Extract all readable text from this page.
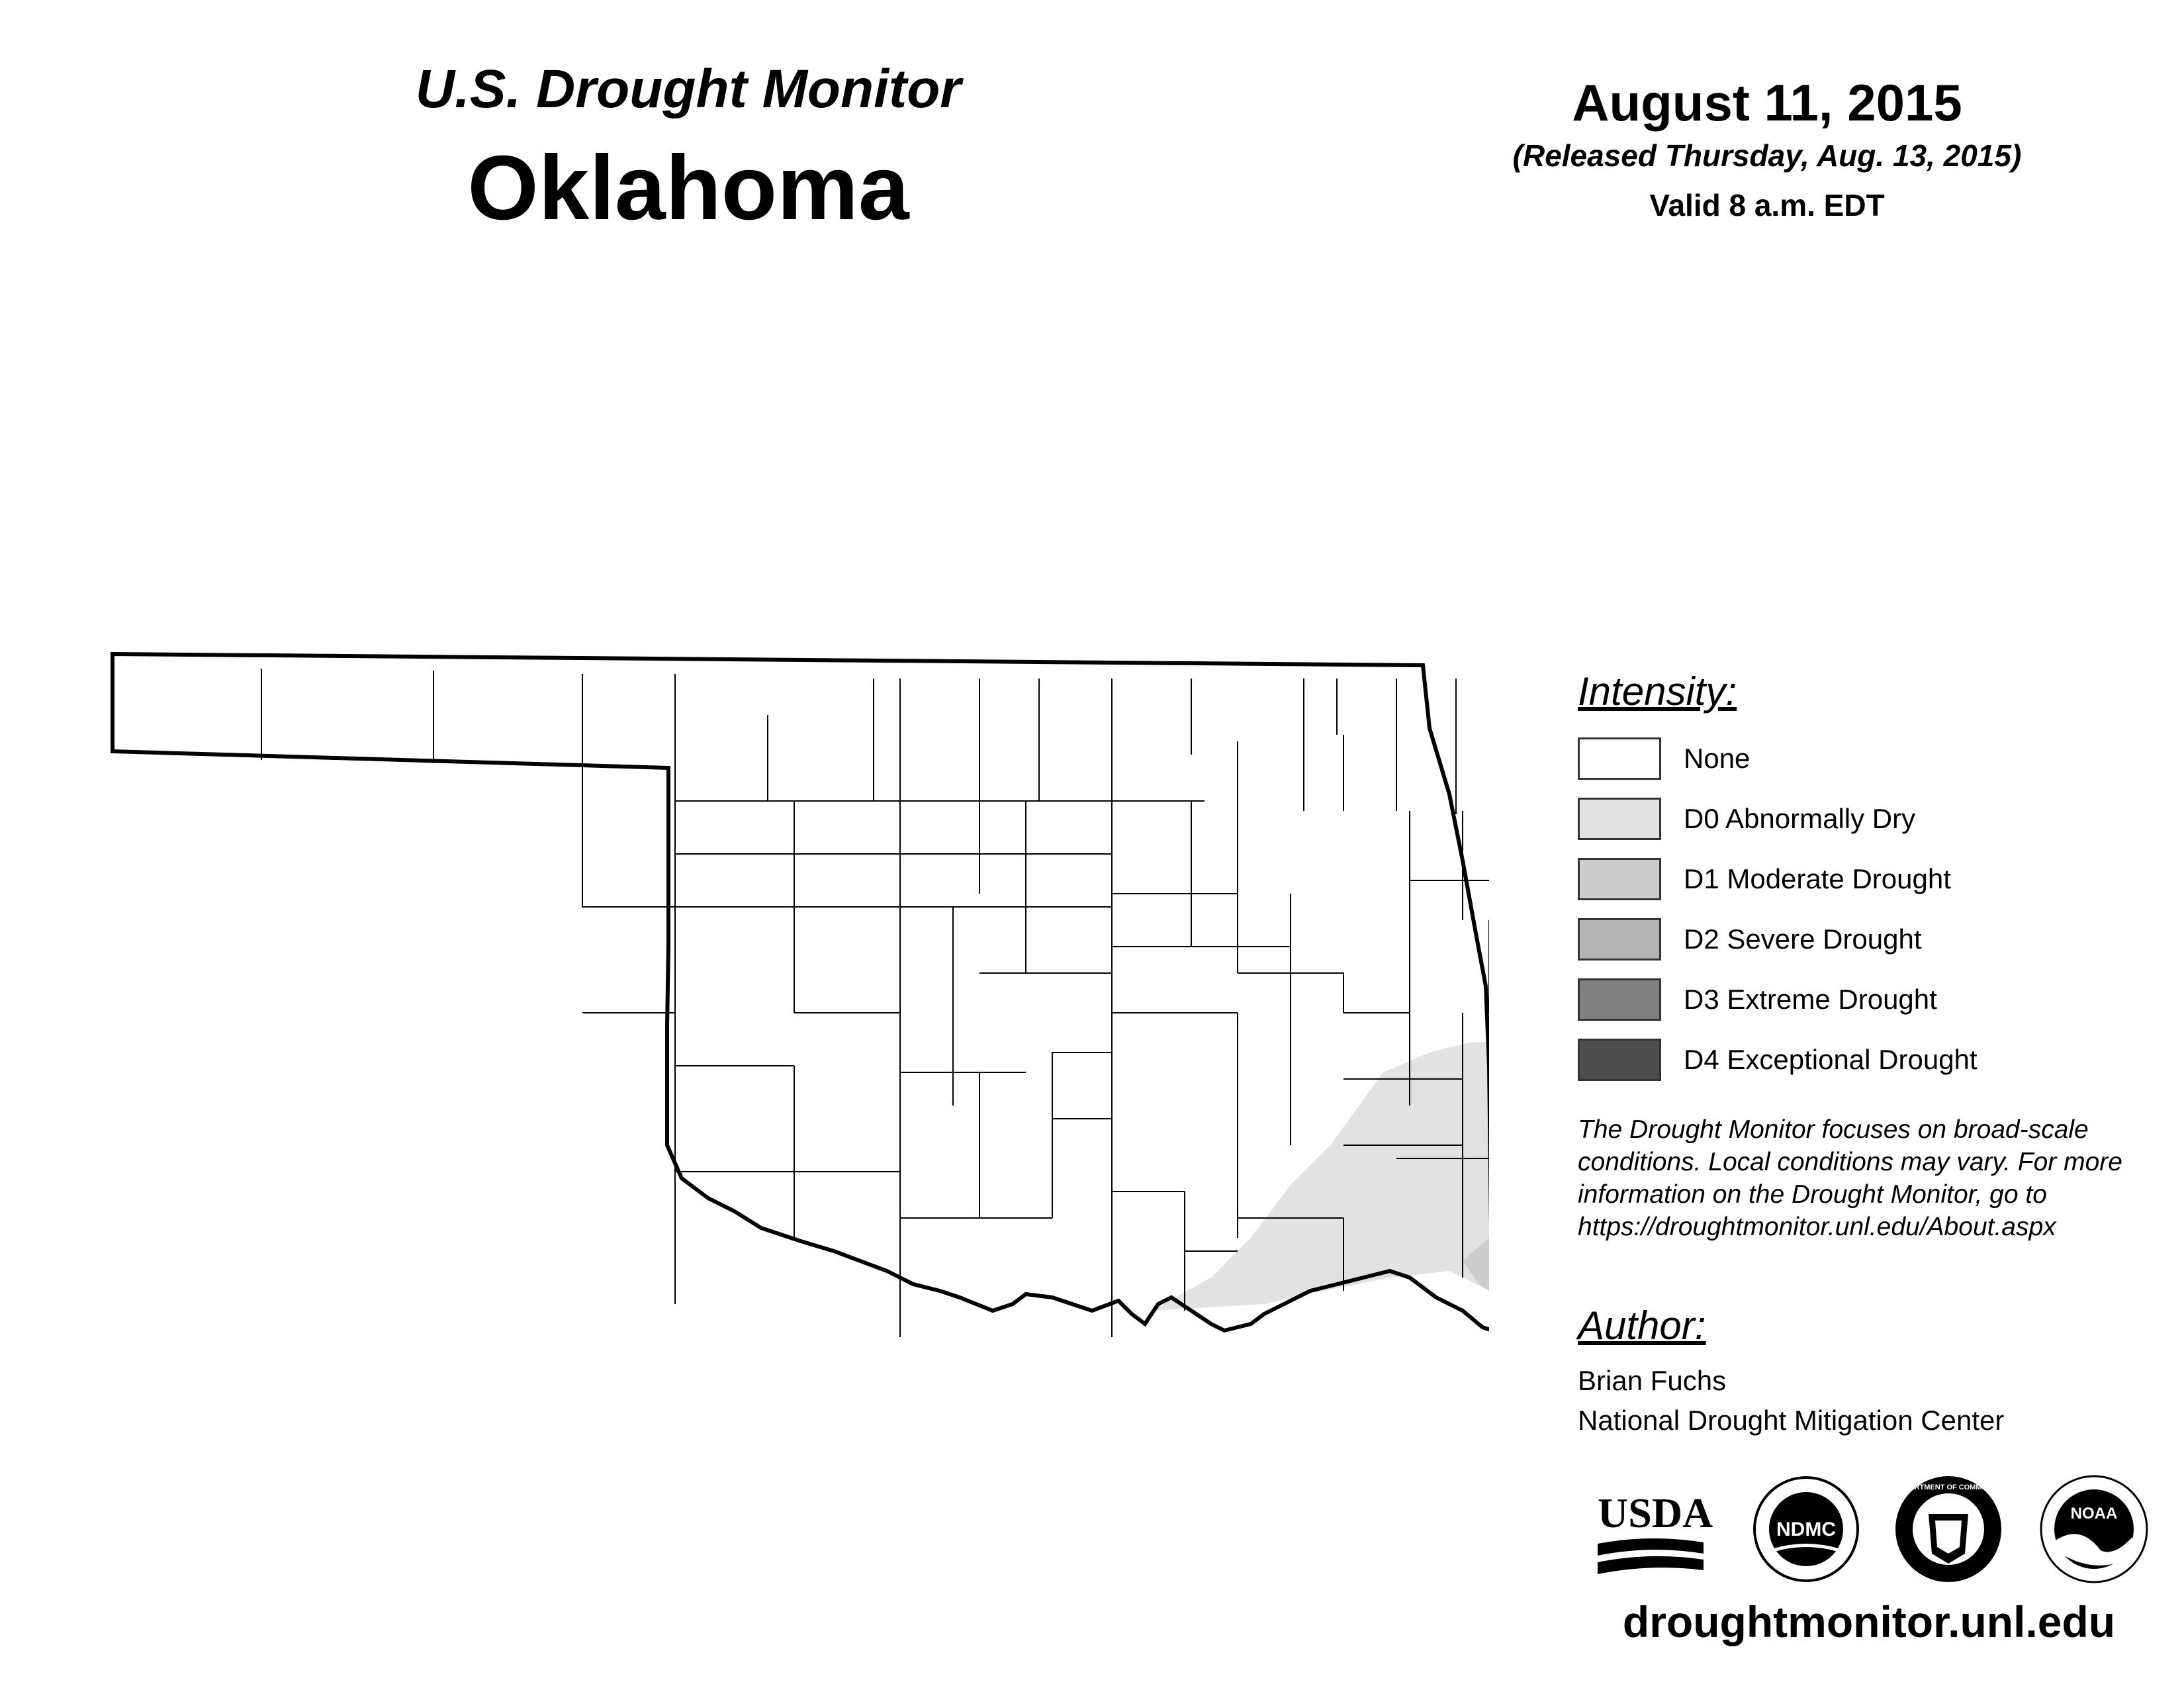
U.S. Drought Monitor
Oklahoma
August 11, 2015
(Released Thursday, Aug. 13, 2015)
Valid 8 a.m. EDT
Intensity:
None
D0 Abnormally Dry
D1 Moderate Drought
D2 Severe Drought
D3 Extreme Drought
D4 Exceptional Drought
The Drought Monitor focuses on broad-scale conditions. Local conditions may vary. For more information on the Drought Monitor, go to https://droughtmonitor.unl.edu/About.aspx
Author:
Brian Fuchs
National Drought Mitigation Center
USDA	NDMC
DEPARTMENT OF COMMERCE
NOAA
droughtmonitor.unl.edu
